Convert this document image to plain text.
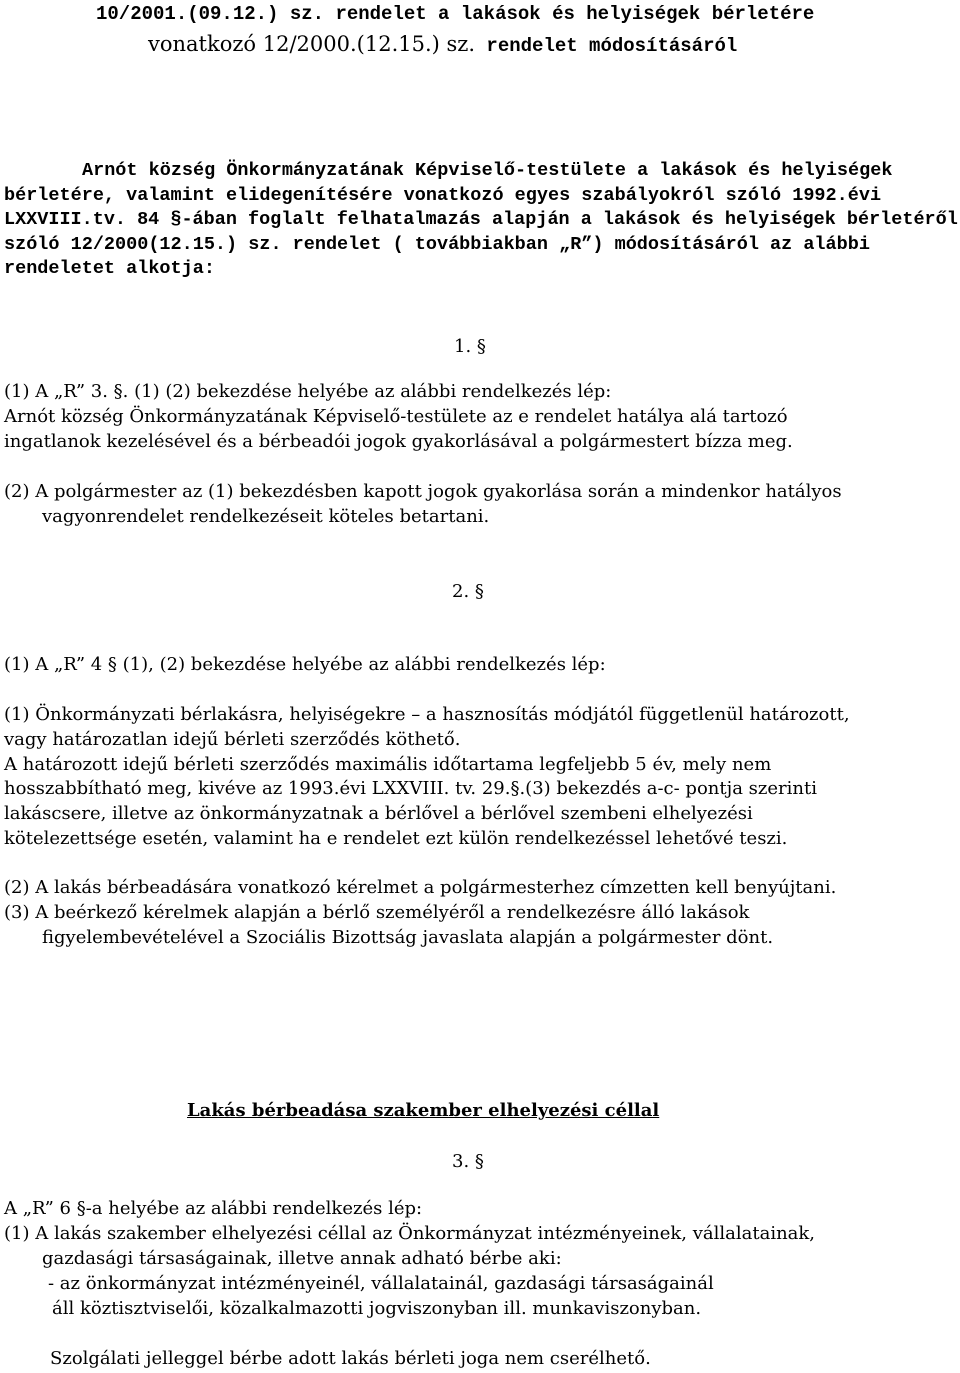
10/2001.(09.12.) sz. rendelet a lakások és helyiségek bérletére
vonatkozó 12/2000.(12.15.) sz. rendelet módosításáról
Arnót község Önkormányzatának Képviselő-testülete a lakások és helyiségek
bérletére, valamint elidegenítésére vonatkozó egyes szabályokról szóló 1992.évi
LXXVIII.tv. 84 §-ában foglalt felhatalmazás alapján a lakások és helyiségek bérletéről
szóló 12/2000(12.15.) sz. rendelet ( továbbiakban „R”) módosításáról az alábbi
rendeletet alkotja:
1. §
(1) A „R” 3. §. (1) (2) bekezdése helyébe az alábbi rendelkezés lép:
Arnót község Önkormányzatának Képviselő-testülete az e rendelet hatálya alá tartozó
ingatlanok kezelésével és a bérbeadói jogok gyakorlásával a polgármestert bízza meg.
(2) A polgármester az (1) bekezdésben kapott jogok gyakorlása során a mindenkor hatályos
vagyonrendelet rendelkezéseit köteles betartani.
2. §
(1) A „R” 4 § (1), (2) bekezdése helyébe az alábbi rendelkezés lép:
(1) Önkormányzati bérlakásra, helyiségekre – a hasznosítás módjától függetlenül határozott,
vagy határozatlan idejű bérleti szerződés köthető.
A határozott idejű bérleti szerződés maximális időtartama legfeljebb 5 év, mely nem
hosszabbítható meg, kivéve az 1993.évi LXXVIII. tv. 29.§.(3) bekezdés a-c- pontja szerinti
lakáscsere, illetve az önkormányzatnak a bérlővel a bérlővel szembeni elhelyezési
kötelezettsége esetén, valamint ha e rendelet ezt külön rendelkezéssel lehetővé teszi.
(2) A lakás bérbeadására vonatkozó kérelmet a polgármesterhez címzetten kell benyújtani.
(3) A beérkező kérelmek alapján a bérlő személyéről a rendelkezésre álló lakások
figyelembevételével a Szociális Bizottság javaslata alapján a polgármester dönt.
Lakás bérbeadása szakember elhelyezési céllal
3. §
A „R” 6 §-a helyébe az alábbi rendelkezés lép:
(1) A lakás szakember elhelyezési céllal az Önkormányzat intézményeinek, vállalatainak,
gazdasági társaságainak, illetve annak adható bérbe aki:
- az önkormányzat intézményeinél, vállalatainál, gazdasági társaságainál
áll köztisztviselői, közalkalmazotti jogviszonyban ill. munkaviszonyban.
Szolgálati jelleggel bérbe adott lakás bérleti joga nem cserélhető.
